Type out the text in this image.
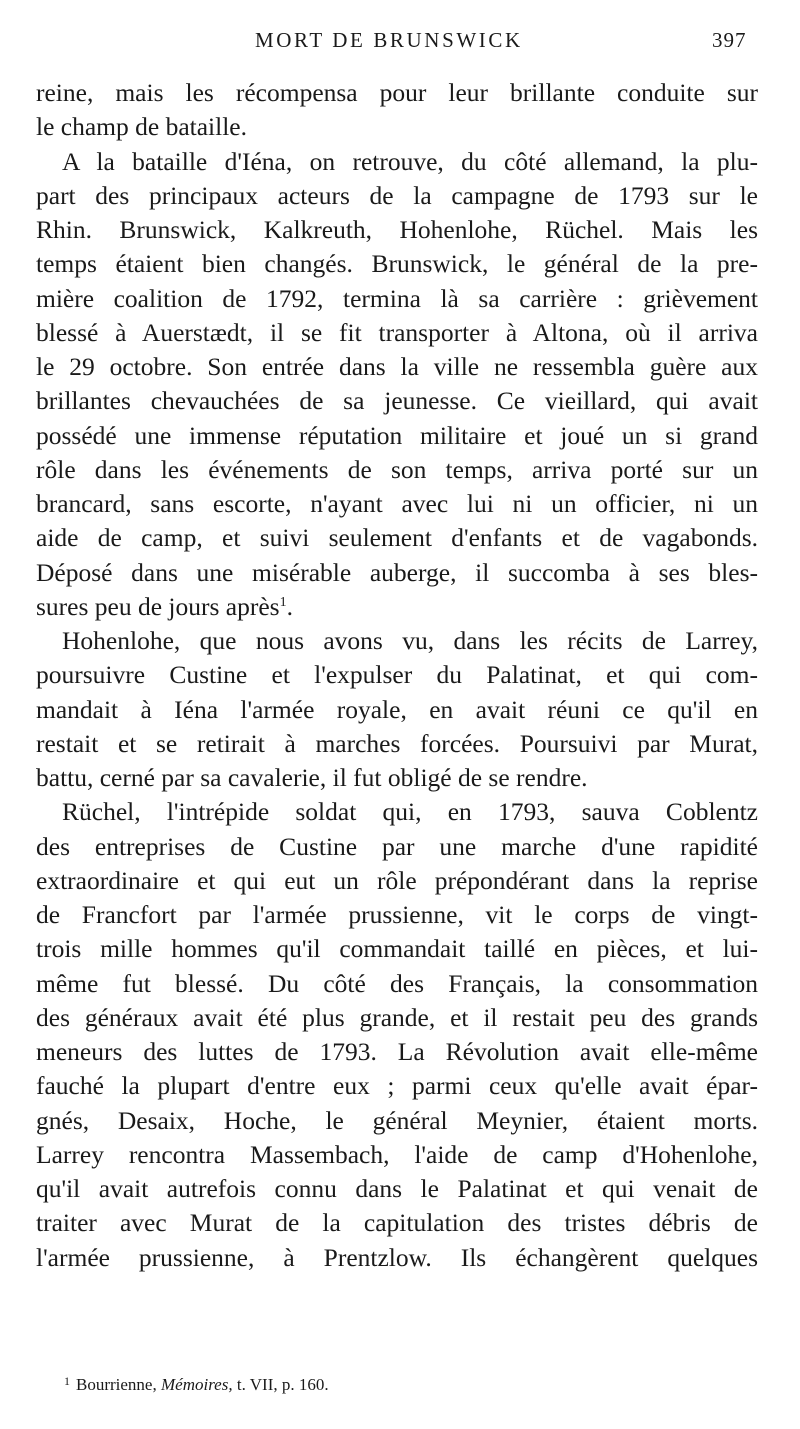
MORT DE BRUNSWICK	397
reine, mais les récompensa pour leur brillante conduite sur
le champ de bataille.
A la bataille d'Iéna, on retrouve, du côté allemand, la plu-
part des principaux acteurs de la campagne de 1793 sur le
Rhin. Brunswick, Kalkreuth, Hohenlohe, Rüchel. Mais les
temps étaient bien changés. Brunswick, le général de la pre-
mière coalition de 1792, termina là sa carrière : grièvement
blessé à Auerstædt, il se fit transporter à Altona, où il arriva
le 29 octobre. Son entrée dans la ville ne ressembla guère aux
brillantes chevauchées de sa jeunesse. Ce vieillard, qui avait
possédé une immense réputation militaire et joué un si grand
rôle dans les événements de son temps, arriva porté sur un
brancard, sans escorte, n'ayant avec lui ni un officier, ni un
aide de camp, et suivi seulement d'enfants et de vagabonds.
Déposé dans une misérable auberge, il succomba à ses bles-
sures peu de jours après$^1$.
Hohenlohe, que nous avons vu, dans les récits de Larrey,
poursuivre Custine et l'expulser du Palatinat, et qui com-
mandait à Iéna l'armée royale, en avait réuni ce qu'il en
restait et se retirait à marches forcées. Poursuivi par Murat,
battu, cerné par sa cavalerie, il fut obligé de se rendre.
Rüchel, l'intrépide soldat qui, en 1793, sauva Coblentz
des entreprises de Custine par une marche d'une rapidité
extraordinaire et qui eut un rôle prépondérant dans la reprise
de Francfort par l'armée prussienne, vit le corps de vingt-
trois mille hommes qu'il commandait taillé en pièces, et lui-
même fut blessé. Du côté des Français, la consommation
des généraux avait été plus grande, et il restait peu des grands
meneurs des luttes de 1793. La Révolution avait elle-même
fauché la plupart d'entre eux ; parmi ceux qu'elle avait épar-
gnés, Desaix, Hoche, le général Meynier, étaient morts.
Larrey rencontra Massembach, l'aide de camp d'Hohenlohe,
qu'il avait autrefois connu dans le Palatinat et qui venait de
traiter avec Murat de la capitulation des tristes débris de
l'armée prussienne, à Prentzlow. Ils échangèrent quelques
$^1$ Bourrienne, Mémoires, t. VII, p. 160.
